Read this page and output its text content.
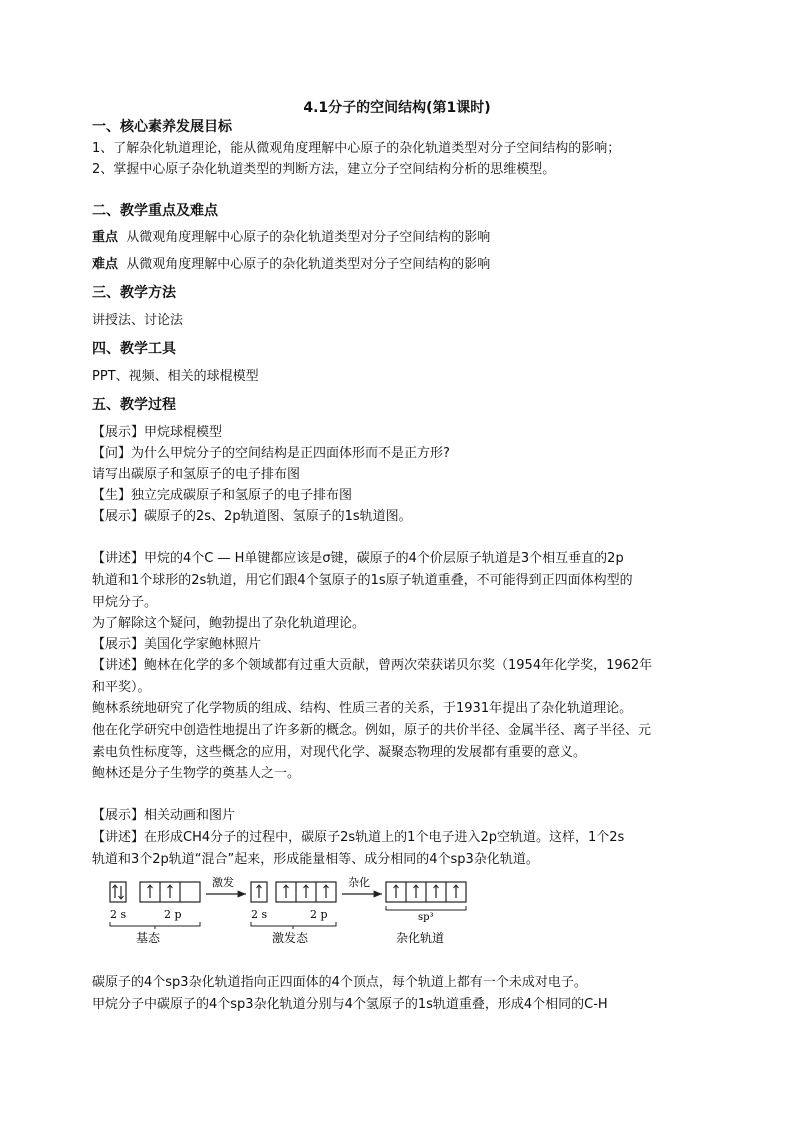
4.1分子的空间结构(第1课时)
一、核心素养发展目标
1、了解杂化轨道理论，能从微观角度理解中心原子的杂化轨道类型对分子空间结构的影响；
2、掌握中心原子杂化轨道类型的判断方法，建立分子空间结构分析的思维模型。
二、教学重点及难点
重点 从微观角度理解中心原子的杂化轨道类型对分子空间结构的影响
难点 从微观角度理解中心原子的杂化轨道类型对分子空间结构的影响
三、教学方法
讲授法、讨论法
四、教学工具
PPT、视频、相关的球棍模型
五、教学过程
【展示】甲烷球棍模型
【问】为什么甲烷分子的空间结构是正四面体形而不是正方形?
请写出碳原子和氢原子的电子排布图
【生】独立完成碳原子和氢原子的电子排布图
【展示】碳原子的2s、2p轨道图、氢原子的1s轨道图。
【讲述】甲烷的4个C — H单键都应该是σ键，碳原子的4个价层原子轨道是3个相互垂直的2p
轨道和1个球形的2s轨道，用它们跟4个氢原子的1s原子轨道重叠，不可能得到正四面体构型的
甲烷分子。
为了解除这个疑问，鲍勃提出了杂化轨道理论。
【展示】美国化学家鲍林照片
【讲述】鲍林在化学的多个领域都有过重大贡献，曾两次荣获诺贝尔奖（1954年化学奖，1962年
和平奖）。
鲍林系统地研究了化学物质的组成、结构、性质三者的关系，于1931年提出了杂化轨道理论。
他在化学研究中创造性地提出了许多新的概念。例如，原子的共价半径、金属半径、离子半径、元
素电负性标度等，这些概念的应用，对现代化学、凝聚态物理的发展都有重要的意义。
鲍林还是分子生物学的奠基人之一。
【展示】相关动画和图片
【讲述】在形成CH4分子的过程中，碳原子2s轨道上的1个电子进入2p空轨道。这样，1个2s
轨道和3个2p轨道“混合”起来，形成能量相等、成分相同的4个sp3杂化轨道。
2 s	2 p
基态
激发
2 s	2 p
激发态
杂化
sp³
杂化轨道
碳原子的4个sp3杂化轨道指向正四面体的4个顶点，每个轨道上都有一个未成对电子。
甲烷分子中碳原子的4个sp3杂化轨道分别与4个氢原子的1s轨道重叠，形成4个相同的C-H
